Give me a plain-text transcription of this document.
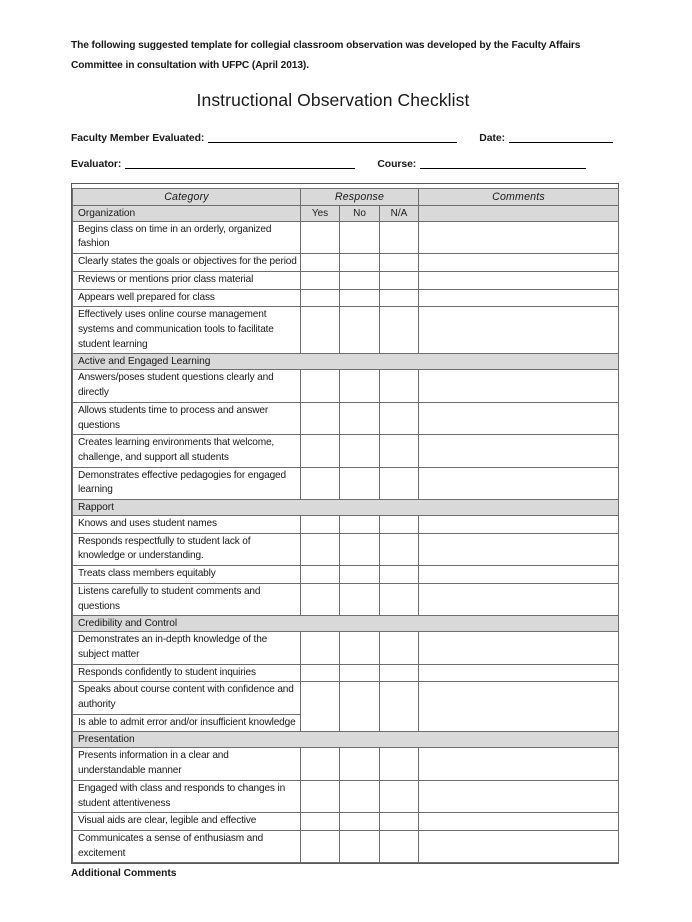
The following suggested template for collegial classroom observation was developed by the Faculty Affairs Committee in consultation with UFPC (April 2013).

Instructional Observation Checklist
Faculty Member Evaluated:	Date:
Evaluator:	Course:
Category	Response			Comments
Organization	Yes	No	N/A	
Begins class on time in an orderly, organized fashion				
Clearly states the goals or objectives for the period				
Reviews or mentions prior class material				
Appears well prepared for class				
Effectively uses online course management systems and communication tools to facilitate student learning				
Active and Engaged Learning				
Answers/poses student questions clearly and directly				
Allows students time to process and answer questions				
Creates learning environments that welcome, challenge, and support all students				
Demonstrates effective pedagogies for engaged learning				
Rapport				
Knows and uses student names				
Responds respectfully to student lack of knowledge or understanding.				
Treats class members equitably				
Listens carefully to student comments and questions				
Credibility and Control				
Demonstrates an in-depth knowledge of the subject matter				
Responds confidently to student inquiries				
Speaks about course content with confidence and authority				
Is able to admit error and/or insufficient knowledge				
Presentation				
Presents information in a clear and understandable manner				
Engaged with class and responds to changes in student attentiveness				
Visual aids are clear, legible and effective				
Communicates a sense of enthusiasm and excitement				
Additional Comments
